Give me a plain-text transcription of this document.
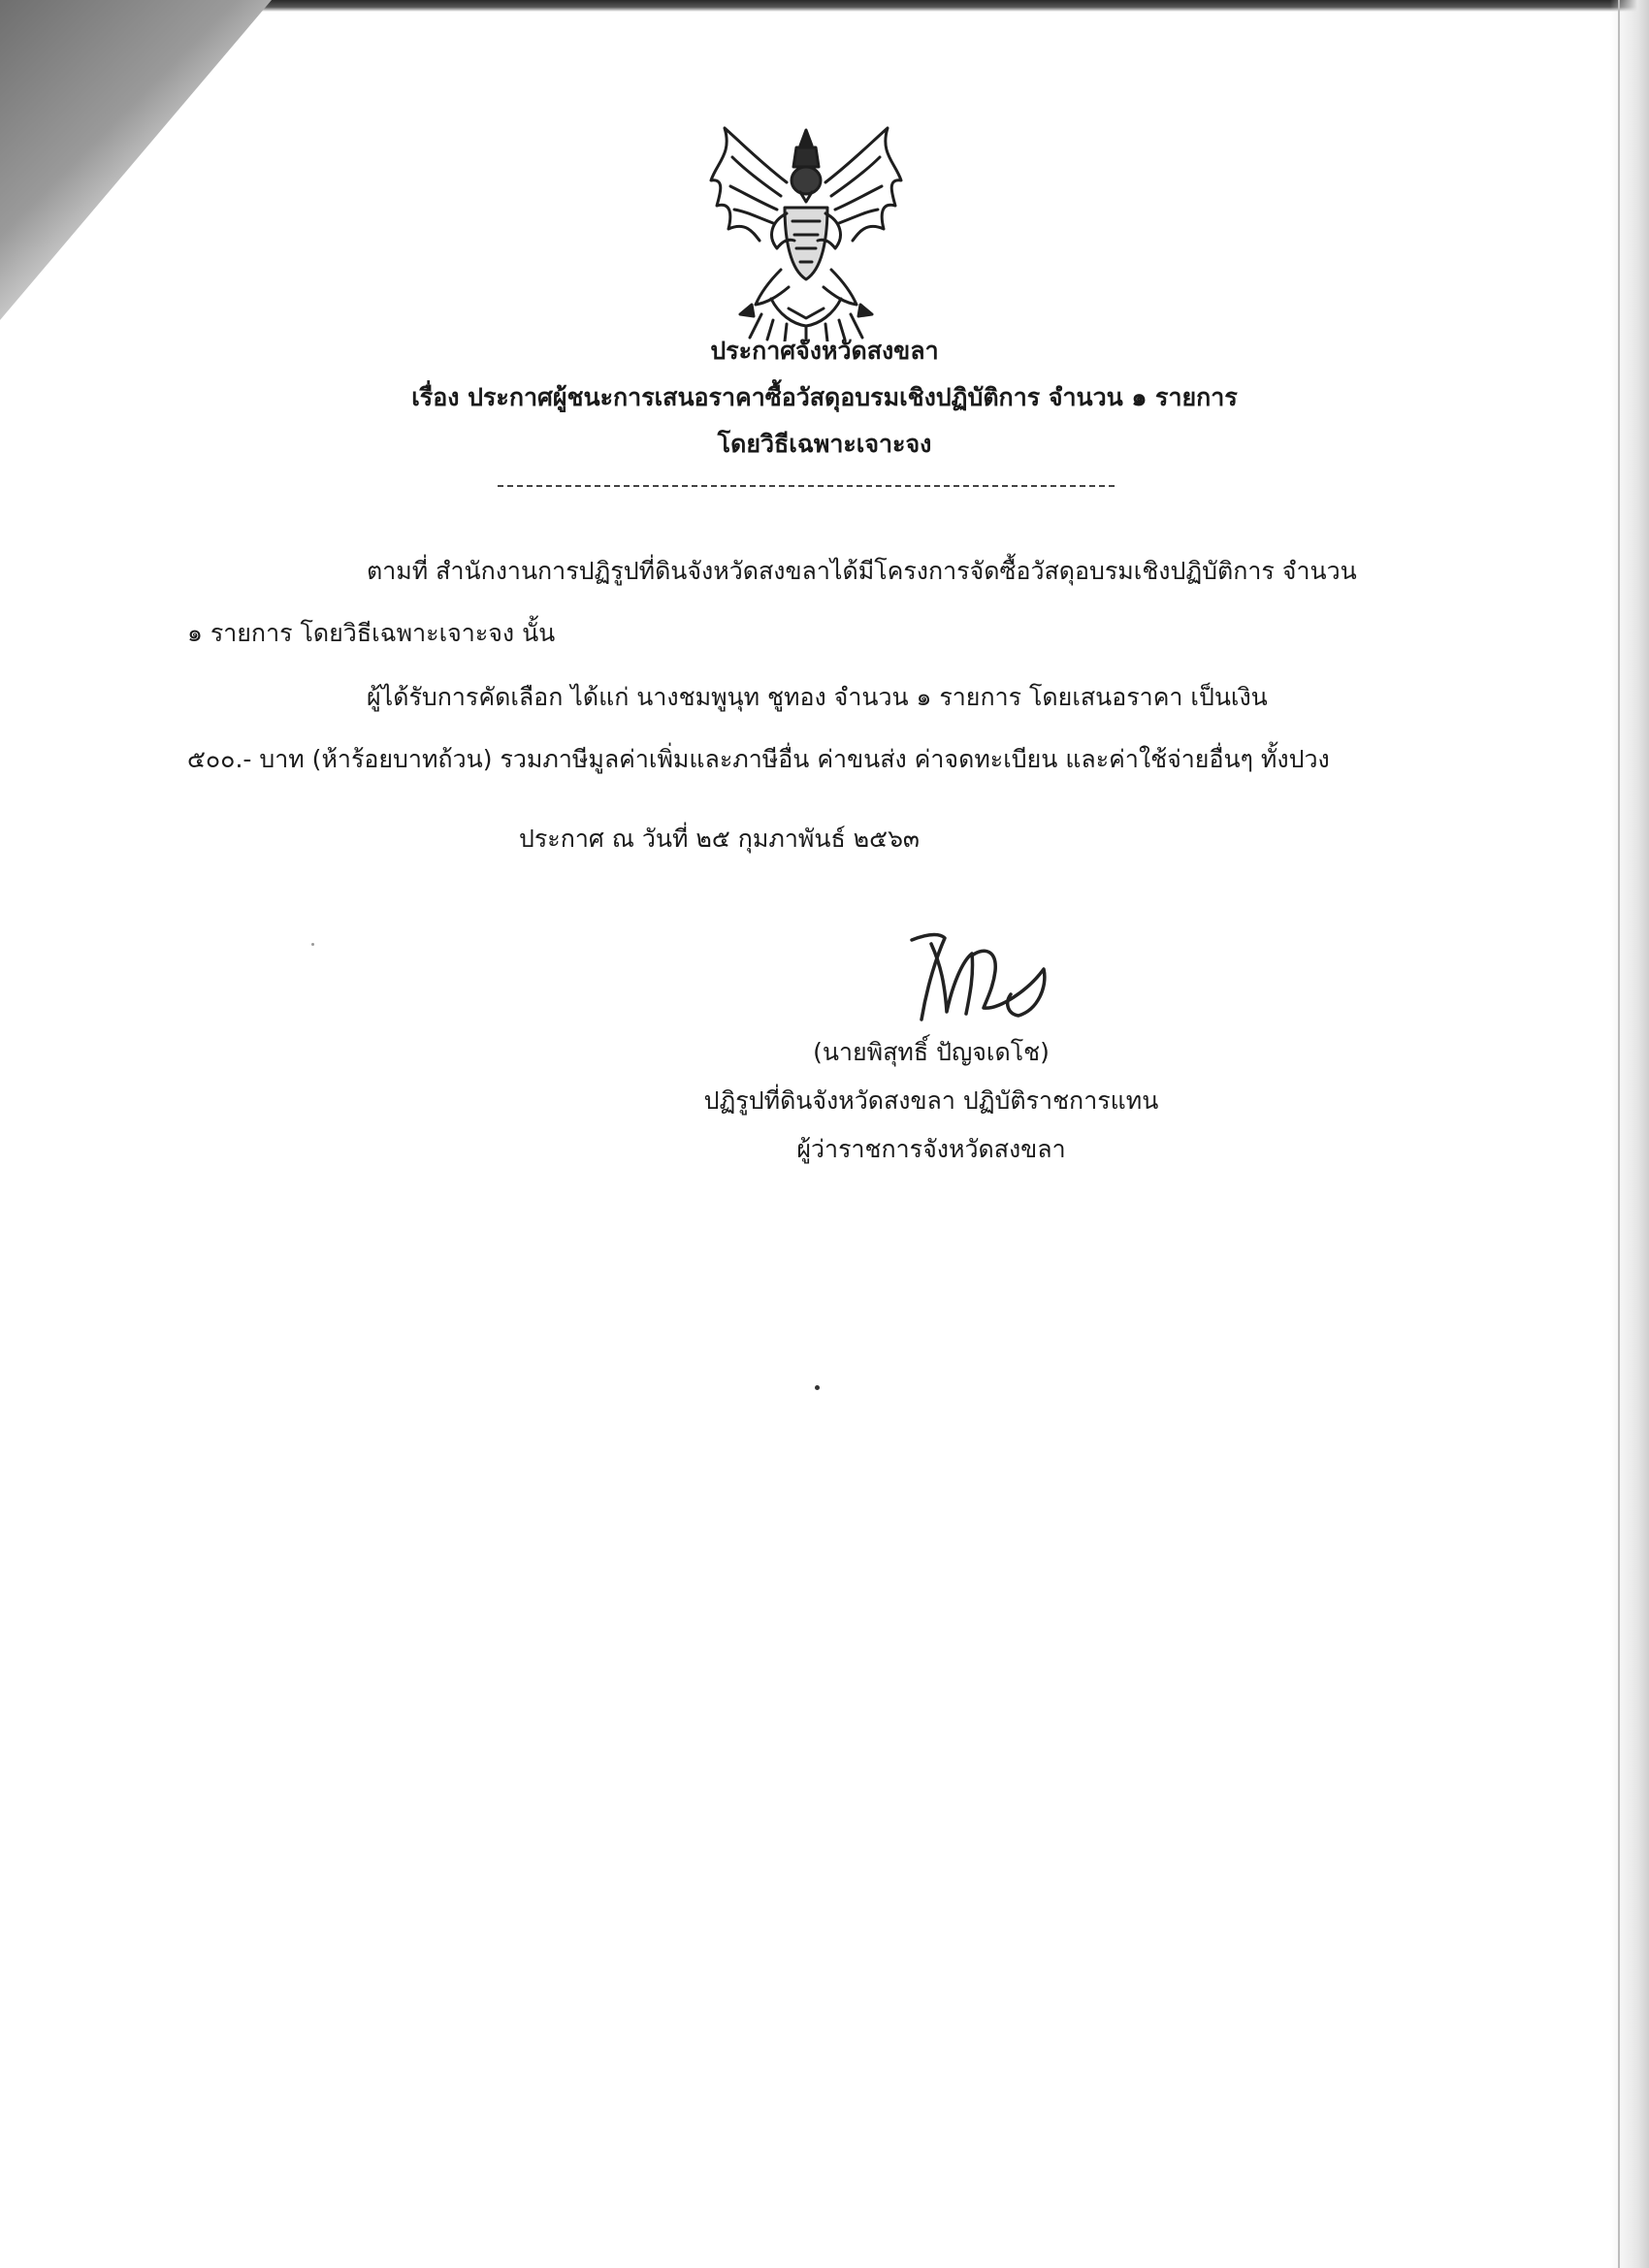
ประกาศจังหวัดสงขลา
เรื่อง ประกาศผู้ชนะการเสนอราคาซื้อวัสดุอบรมเชิงปฏิบัติการ จำนวน ๑ รายการ
โดยวิธีเฉพาะเจาะจง
ตามที่ สำนักงานการปฏิรูปที่ดินจังหวัดสงขลาได้มีโครงการจัดซื้อวัสดุอบรมเชิงปฏิบัติการ จำนวน
๑ รายการ โดยวิธีเฉพาะเจาะจง นั้น
ผู้ได้รับการคัดเลือก ได้แก่ นางชมพูนุท ชูทอง จำนวน ๑ รายการ โดยเสนอราคา เป็นเงิน
๕๐๐.- บาท (ห้าร้อยบาทถ้วน) รวมภาษีมูลค่าเพิ่มและภาษีอื่น ค่าขนส่ง ค่าจดทะเบียน และค่าใช้จ่ายอื่นๆ ทั้งปวง
ประกาศ ณ วันที่ ๒๕ กุมภาพันธ์ ๒๕๖๓
(นายพิสุทธิ์ ปัญจเดโช)
ปฏิรูปที่ดินจังหวัดสงขลา ปฏิบัติราชการแทน
ผู้ว่าราชการจังหวัดสงขลา
